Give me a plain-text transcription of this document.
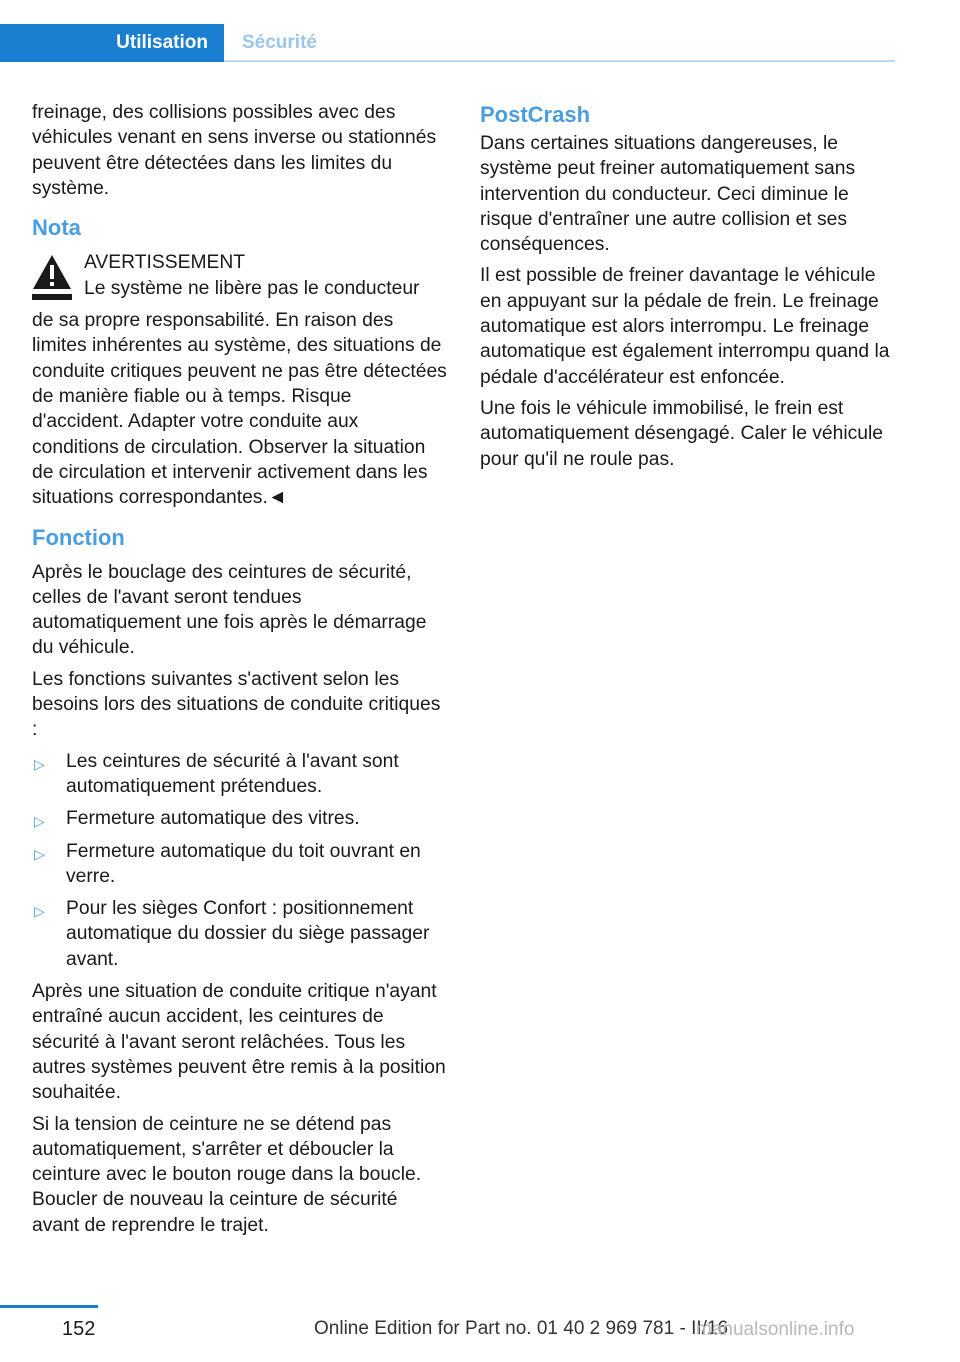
Utilisation	Sécurité

freinage, des collisions possibles avec des véhicules venant en sens inverse ou stationnés peuvent être détectées dans les limites du système.

Nota
AVERTISSEMENT
Le système ne libère pas le conducteur

de sa propre responsabilité. En raison des limites inhérentes au système, des situations de conduite critiques peuvent ne pas être détectées de manière fiable ou à temps. Risque d'accident. Adapter votre conduite aux conditions de circulation. Observer la situation de circulation et intervenir activement dans les situations correspondantes.◄

Fonction

Après le bouclage des ceintures de sécurité, celles de l'avant seront tendues automatiquement une fois après le démarrage du véhicule.

Les fonctions suivantes s'activent selon les besoins lors des situations de conduite critiques :

▷ Les ceintures de sécurité à l'avant sont automatiquement prétendues.
▷ Fermeture automatique des vitres.
▷ Fermeture automatique du toit ouvrant en verre.
▷ Pour les sièges Confort : positionnement automatique du dossier du siège passager avant.

Après une situation de conduite critique n'ayant entraîné aucun accident, les ceintures de sécurité à l'avant seront relâchées. Tous les autres systèmes peuvent être remis à la position souhaitée.

Si la tension de ceinture ne se détend pas automatiquement, s'arrêter et déboucler la ceinture avec le bouton rouge dans la boucle. Boucler de nouveau la ceinture de sécurité avant de reprendre le trajet.

PostCrash

Dans certaines situations dangereuses, le système peut freiner automatiquement sans intervention du conducteur. Ceci diminue le risque d'entraîner une autre collision et ses conséquences.

Il est possible de freiner davantage le véhicule en appuyant sur la pédale de frein. Le freinage automatique est alors interrompu. Le freinage automatique est également interrompu quand la pédale d'accélérateur est enfoncée.

Une fois le véhicule immobilisé, le frein est automatiquement désengagé. Caler le véhicule pour qu'il ne roule pas.

152	Online Edition for Part no. 01 40 2 969 781 - II/16
manualsonline.info
